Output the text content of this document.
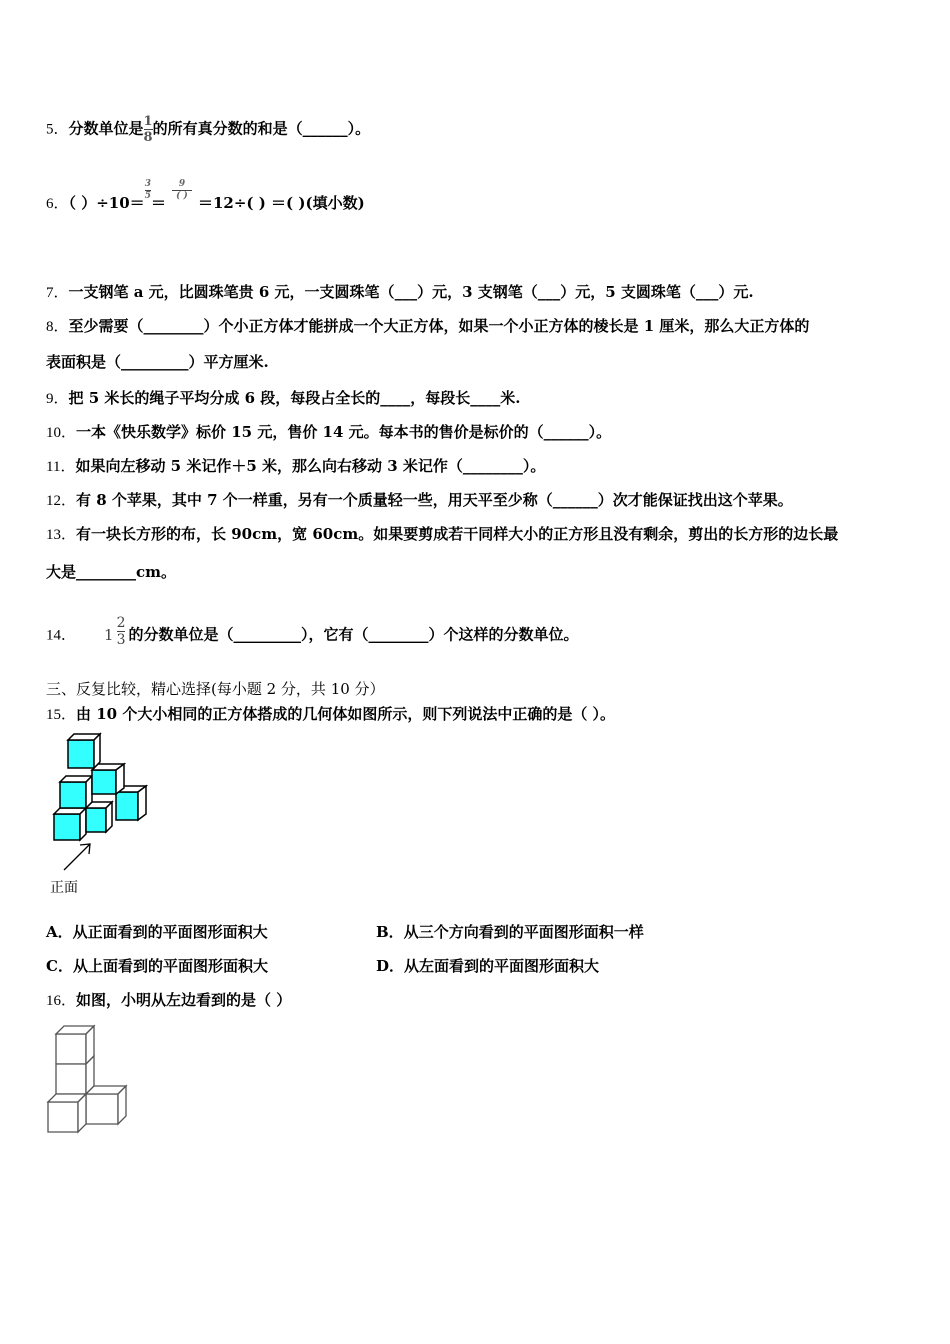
5．分数单位是 $\frac{1}{8}$ 的所有真分数的和是（______）。
6．（ ）÷10＝
$\frac{3}{5}$
＝
$\frac{9}{( )}$
＝12÷( ) ＝( )(填小数)
7．一支钢笔 a 元，比圆珠笔贵 6 元，一支圆珠笔（___）元，3 支钢笔（___）元，5 支圆珠笔（___）元.
8．至少需要（________）个小正方体才能拼成一个大正方体，如果一个小正方体的棱长是 1 厘米，那么大正方体的
表面积是（_________）平方厘米.
9．把 5 米长的绳子平均分成 6 段，每段占全长的____，每段长____米.
10．一本《快乐数学》标价 15 元，售价 14 元。每本书的售价是标价的（______）。
11．如果向左移动 5 米记作＋5 米，那么向右移动 3 米记作（________）。
12．有 8 个苹果，其中 7 个一样重，另有一个质量轻一些，用天平至少称（______）次才能保证找出这个苹果。
13．有一块长方形的布，长 90cm，宽 60cm。如果要剪成若干同样大小的正方形且没有剩余，剪出的长方形的边长最
大是________cm。
14． $1 \frac{2}{3}$ 的分数单位是（_________），它有（________）个这样的分数单位。
三、反复比较，精心选择(每小题 2 分，共 10 分）
15．由 10 个大小相同的正方体搭成的几何体如图所示，则下列说法中正确的是（ ）。
正面
A．从正面看到的平面图形面积大	B．从三个方向看到的平面图形面积一样
C．从上面看到的平面图形面积大	D．从左面看到的平面图形面积大
16．如图，小明从左边看到的是（ ）
